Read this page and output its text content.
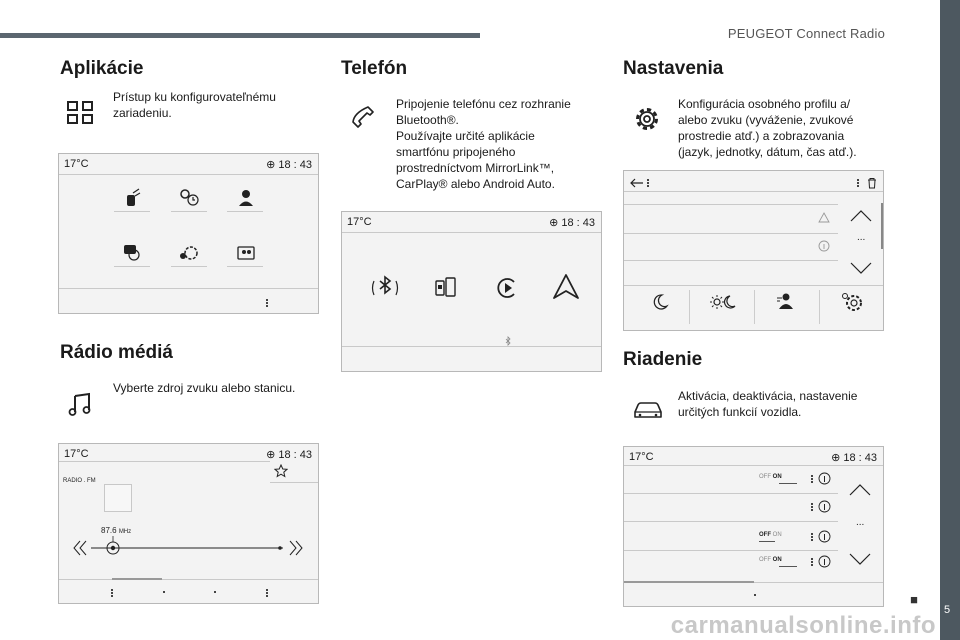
PEUGEOT Connect Radio
5
■
carmanualsonline.info
Aplikácie
Prístup ku konfigurovateľnému
zariadeniu.
17°C	⊕ 18 : 43
Rádio médiá
Vyberte zdroj zvuku alebo stanicu.
17°C	⊕ 18 : 43
RADIO . FM
87.6 MHz
Telefón
Pripojenie telefónu cez rozhranie
Bluetooth®.
Používajte určité aplikácie
smartfónu pripojeného
prostredníctvom MirrorLink™,
CarPlay® alebo Android Auto.
17°C	⊕ 18 : 43
Nastavenia
Konfigurácia osobného profilu a/
alebo zvuku (vyváženie, zvukové
prostredie atď.) a zobrazovania
(jazyk, jednotky, dátum, čas atď.).
...
Riadenie
Aktivácia, deaktivácia, nastavenie
určitých funkcií vozidla.
17°C	⊕ 18 : 43
OFF ON
OFF ON
OFF ON
...
